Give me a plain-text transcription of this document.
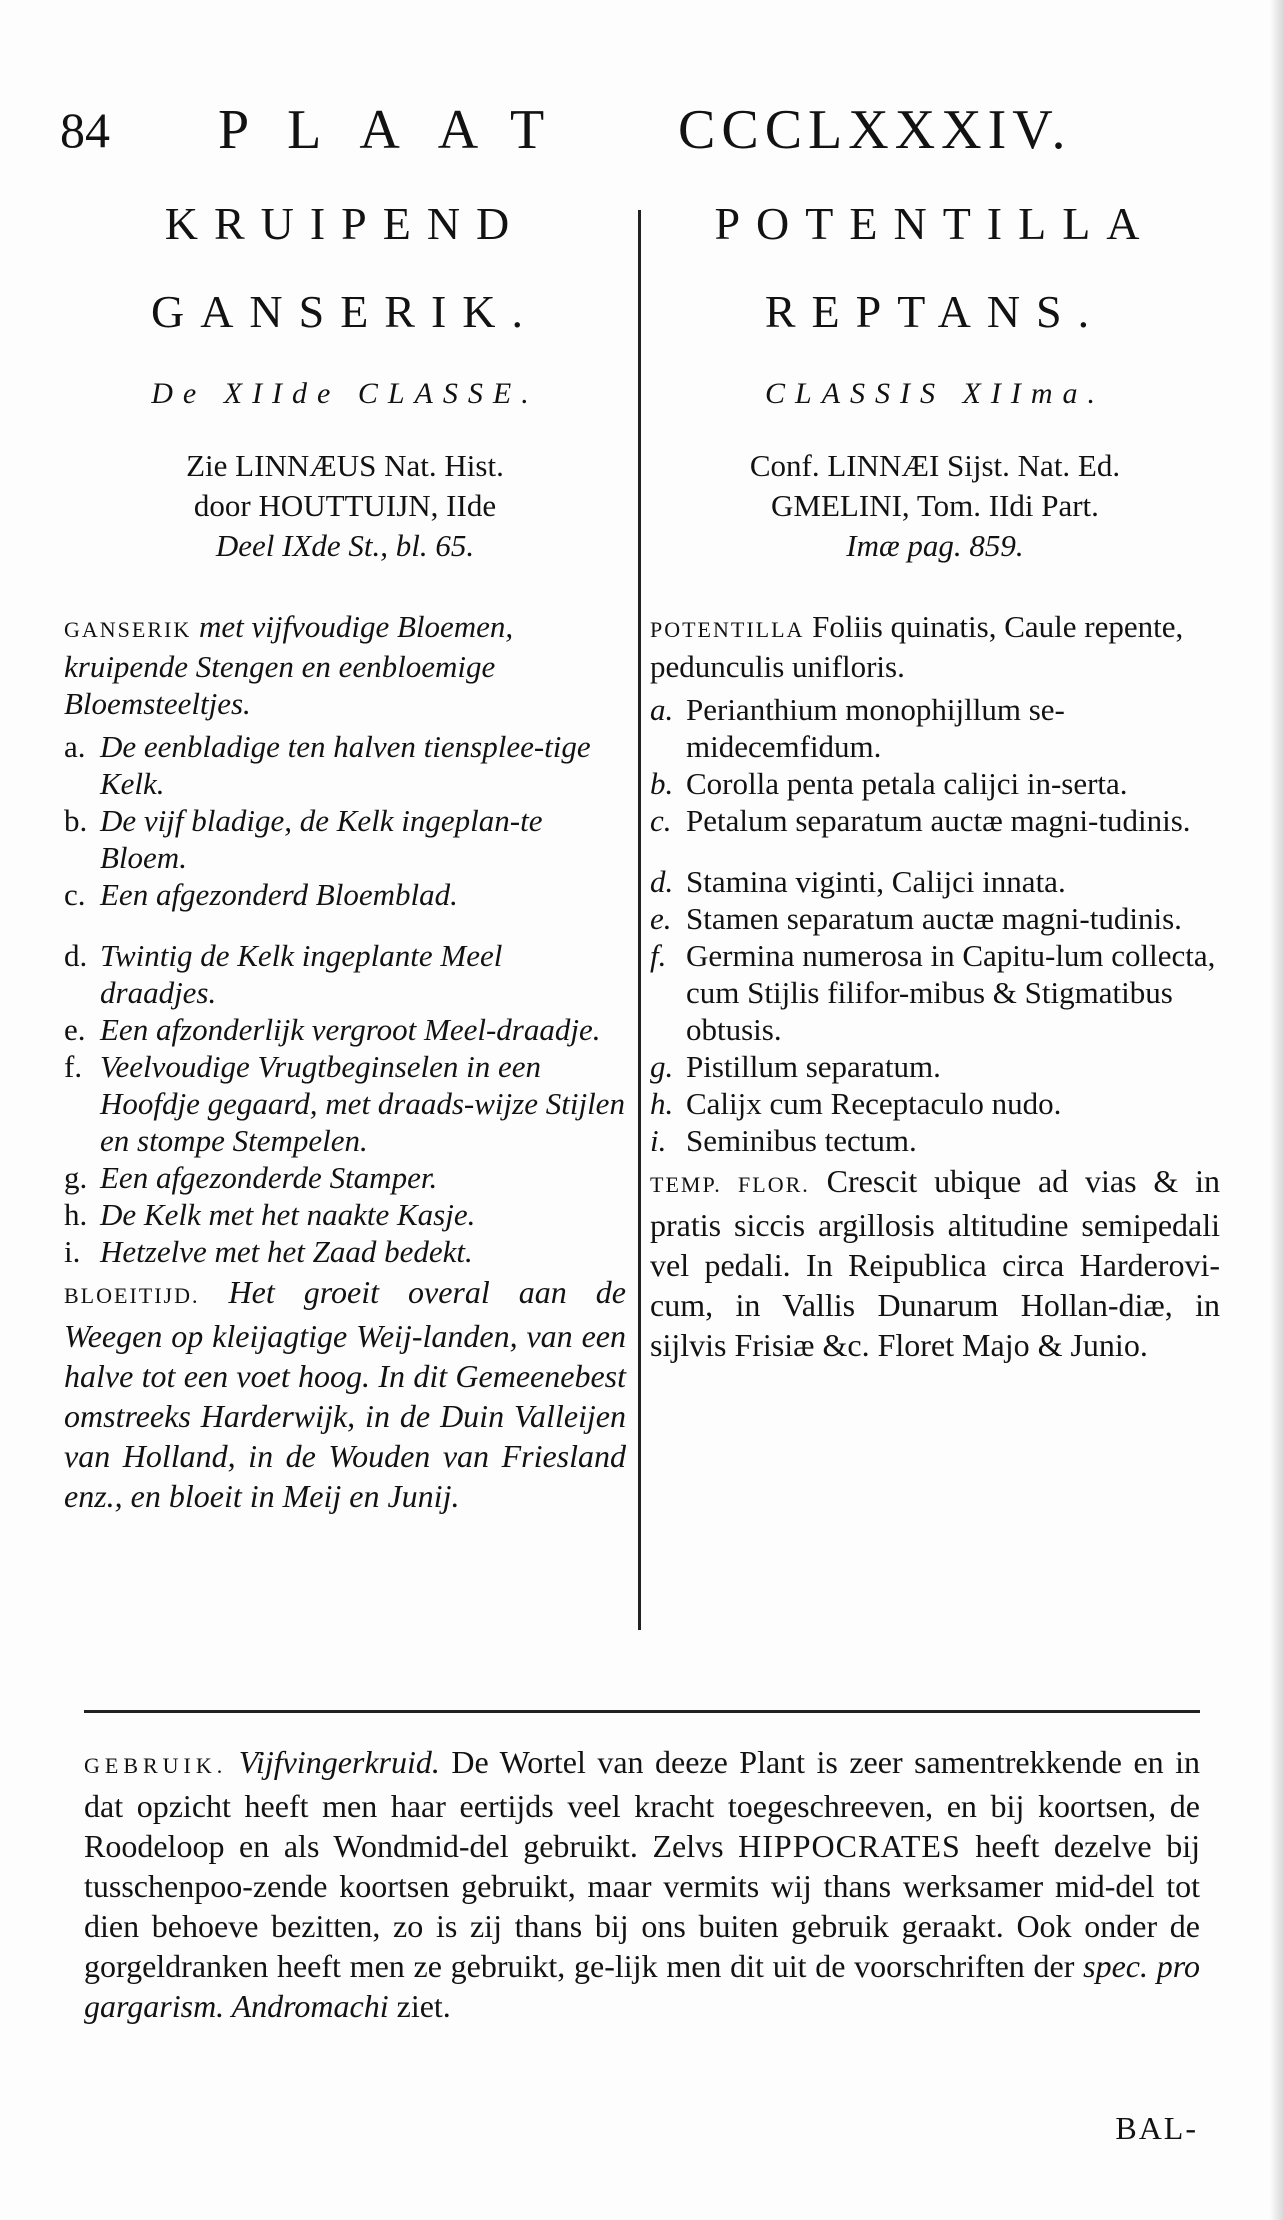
84 PLAAT CCCLXXXIV.
KRUIPEND
GANSERIK.
De XIIde CLASSE.
Zie LINNÆUS Nat. Hist.
door HOUTTUIJN, IIde
Deel IXde St., bl. 65.
GANSERIK met vijfvoudige Bloemen, kruipende Stengen en eenbloemige Bloemsteeltjes.
a. De eenbladige ten halven tiensplee-tige Kelk.
b. De vijf bladige, de Kelk ingeplan-te Bloem.
c. Een afgezonderd Bloemblad.
d. Twintig de Kelk ingeplante Meel draadjes.
e. Een afzonderlijk vergroot Meel-draadje.
f. Veelvoudige Vrugtbeginselen in een Hoofdje gegaard, met draads-wijze Stijlen en stompe Stempelen.
g. Een afgezonderde Stamper.
h. De Kelk met het naakte Kasje.
i. Hetzelve met het Zaad bedekt.
BLOEITIJD. Het groeit overal aan de Weegen op kleijagtige Weij-landen, van een halve tot een voet hoog. In dit Gemeenebest omstreeks Harderwijk, in de Duin Valleijen van Holland, in de Wouden van Friesland enz., en bloeit in Meij en Junij.
POTENTILLA
REPTANS.
CLASSIS XIIma.
Conf. LINNÆI Sijst. Nat. Ed.
GMELINI, Tom. IIdi Part.
Imæ pag. 859.
POTENTILLA Foliis quinatis, Caule repente, pedunculis unifloris.
a. Perianthium monophijllum se-midecemfidum.
b. Corolla penta petala calijci in-serta.
c. Petalum separatum auctæ magni-tudinis.
d. Stamina viginti, Calijci innata.
e. Stamen separatum auctæ magni-tudinis.
f. Germina numerosa in Capitu-lum collecta, cum Stijlis filifor-mibus & Stigmatibus obtusis.
g. Pistillum separatum.
h. Calijx cum Receptaculo nudo.
i. Seminibus tectum.
TEMP. FLOR. Crescit ubique ad vias & in pratis siccis argillosis altitudine semipedali vel pedali. In Reipublica circa Harderovi-cum, in Vallis Dunarum Hollan-diæ, in sijlvis Frisiæ &c. Floret Majo & Junio.
GEBRUIK. Vijfvingerkruid. De Wortel van deeze Plant is zeer samentrekkende en in dat opzicht heeft men haar eertijds veel kracht toegeschreeven, en bij koortsen, de Roodeloop en als Wondmid-del gebruikt. Zelvs HIPPOCRATES heeft dezelve bij tusschenpoo-zende koortsen gebruikt, maar vermits wij thans werksamer mid-del tot dien behoeve bezitten, zo is zij thans bij ons buiten gebruik geraakt. Ook onder de gorgeldranken heeft men ze gebruikt, ge-lijk men dit uit de voorschriften der spec. pro gargarism. Andromachi ziet.
BAL-
